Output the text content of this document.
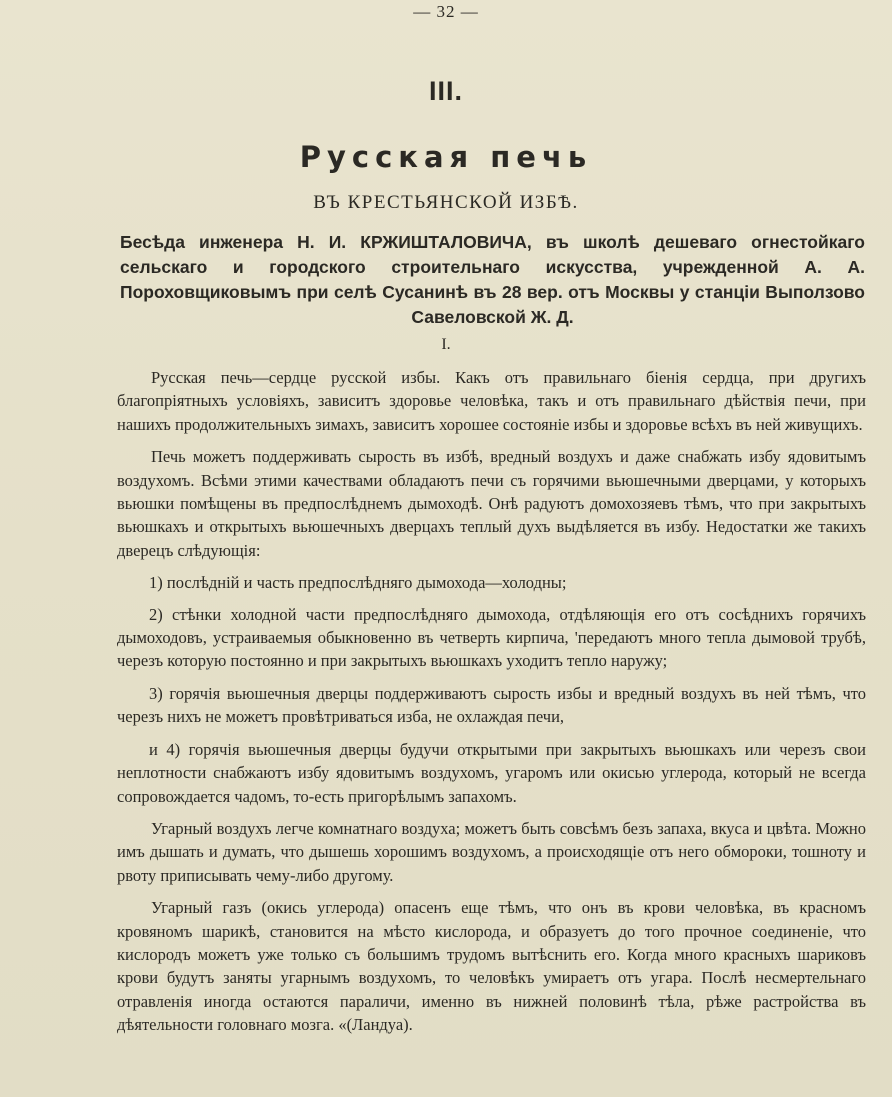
— 32 —
III.
Русская печь
ВЪ КРЕСТЬЯНСКОЙ ИЗБѢ.
Бесѣда инженера Н. И. КРЖИШТАЛОВИЧА, въ школѣ дешеваго огнестойкаго сельскаго и городского строительнаго искусства, учрежденной А. А. Пороховщиковымъ при селѣ Сусанинѣ въ 28 вер. отъ Москвы у станціи Выползово Савеловской Ж. Д.
I.

Русская печь—сердце русской избы. Какъ отъ правильнаго біенія сердца, при другихъ благопріятныхъ условіяхъ, зависитъ здоровье человѣка, такъ и отъ правильнаго дѣйствія печи, при нашихъ продолжительныхъ зимахъ, зависитъ хорошее состояніе избы и здоровье всѣхъ въ ней живущихъ.

Печь можетъ поддерживать сырость въ избѣ, вредный воздухъ и даже снабжать избу ядовитымъ воздухомъ. Всѣми этими качествами обладаютъ печи съ горячими вьюшечными дверцами, у которыхъ вьюшки помѣщены въ предпослѣднемъ дымоходѣ. Онѣ радуютъ домохозяевъ тѣмъ, что при закрытыхъ вьюшкахъ и открытыхъ вьюшечныхъ дверцахъ теплый духъ выдѣляется въ избу. Недостатки же такихъ дверецъ слѣдующія:

1) послѣдній и часть предпослѣдняго дымохода—холодны;

2) стѣнки холодной части предпослѣдняго дымохода, отдѣляющія его отъ сосѣднихъ горячихъ дымоходовъ, устраиваемыя обыкновенно въ четверть кирпича, 'передаютъ много тепла дымовой трубѣ, черезъ которую постоянно и при закрытыхъ вьюшкахъ уходитъ тепло наружу;

3) горячія вьюшечныя дверцы поддерживаютъ сырость избы и вредный воздухъ въ ней тѣмъ, что черезъ нихъ не можетъ провѣтриваться изба, не охлаждая печи,

и 4) горячія вьюшечныя дверцы будучи открытыми при закрытыхъ вьюшкахъ или черезъ свои неплотности снабжаютъ избу ядовитымъ воздухомъ, угаромъ или окисью углерода, который не всегда сопровождается чадомъ, то-есть пригорѣлымъ запахомъ.

Угарный воздухъ легче комнатнаго воздуха; можетъ быть совсѣмъ безъ запаха, вкуса и цвѣта. Можно имъ дышать и думать, что дышешь хорошимъ воздухомъ, а происходящіе отъ него обмороки, тошноту и рвоту приписывать чему-либо другому.

Угарный газъ (окись углерода) опасенъ еще тѣмъ, что онъ въ крови человѣка, въ красномъ кровяномъ шарикѣ, становится на мѣсто кислорода, и образуетъ до того прочное соединеніе, что кислородъ можетъ уже только съ большимъ трудомъ вытѣснить его. Когда много красныхъ шариковъ крови будутъ заняты угарнымъ воздухомъ, то человѣкъ умираетъ отъ угара. Послѣ несмертельнаго отравленія иногда остаются параличи, именно въ нижней половинѣ тѣла, рѣже растройства въ дѣятельности головнаго мозга. «(Ландуа).
